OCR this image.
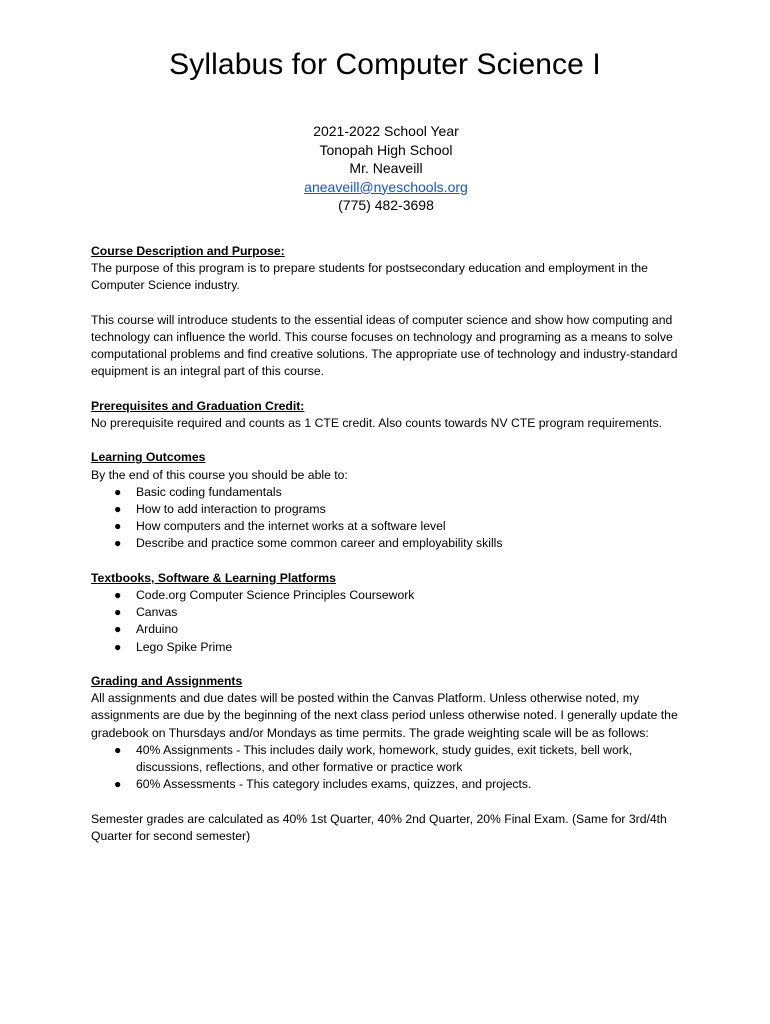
Syllabus for Computer Science I
2021-2022 School Year
Tonopah High School
Mr. Neaveill
aneaveill@nyeschools.org
(775) 482-3698
Course Description and Purpose:

The purpose of this program is to prepare students for postsecondary education and employment in the Computer Science industry.

This course will introduce students to the essential ideas of computer science and show how computing and technology can influence the world. This course focuses on technology and programing as a means to solve computational problems and find creative solutions. The appropriate use of technology and industry-standard equipment is an integral part of this course.

Prerequisites and Graduation Credit:

No prerequisite required and counts as 1 CTE credit. Also counts towards NV CTE program requirements.

Learning Outcomes

By the end of this course you should be able to:

● Basic coding fundamentals
● How to add interaction to programs
● How computers and the internet works at a software level
● Describe and practice some common career and employability skills
Textbooks, Software & Learning Platforms
● Code.org Computer Science Principles Coursework
● Canvas
● Arduino
● Lego Spike Prime
Grading and Assignments

All assignments and due dates will be posted within the Canvas Platform. Unless otherwise noted, my assignments are due by the beginning of the next class period unless otherwise noted. I generally update the gradebook on Thursdays and/or Mondays as time permits. The grade weighting scale will be as follows:

● 40% Assignments - This includes daily work, homework, study guides, exit tickets, bell work, discussions, reflections, and other formative or practice work
● 60% Assessments - This category includes exams, quizzes, and projects.

Semester grades are calculated as 40% 1st Quarter, 40% 2nd Quarter, 20% Final Exam. (Same for 3rd/4th Quarter for second semester)
